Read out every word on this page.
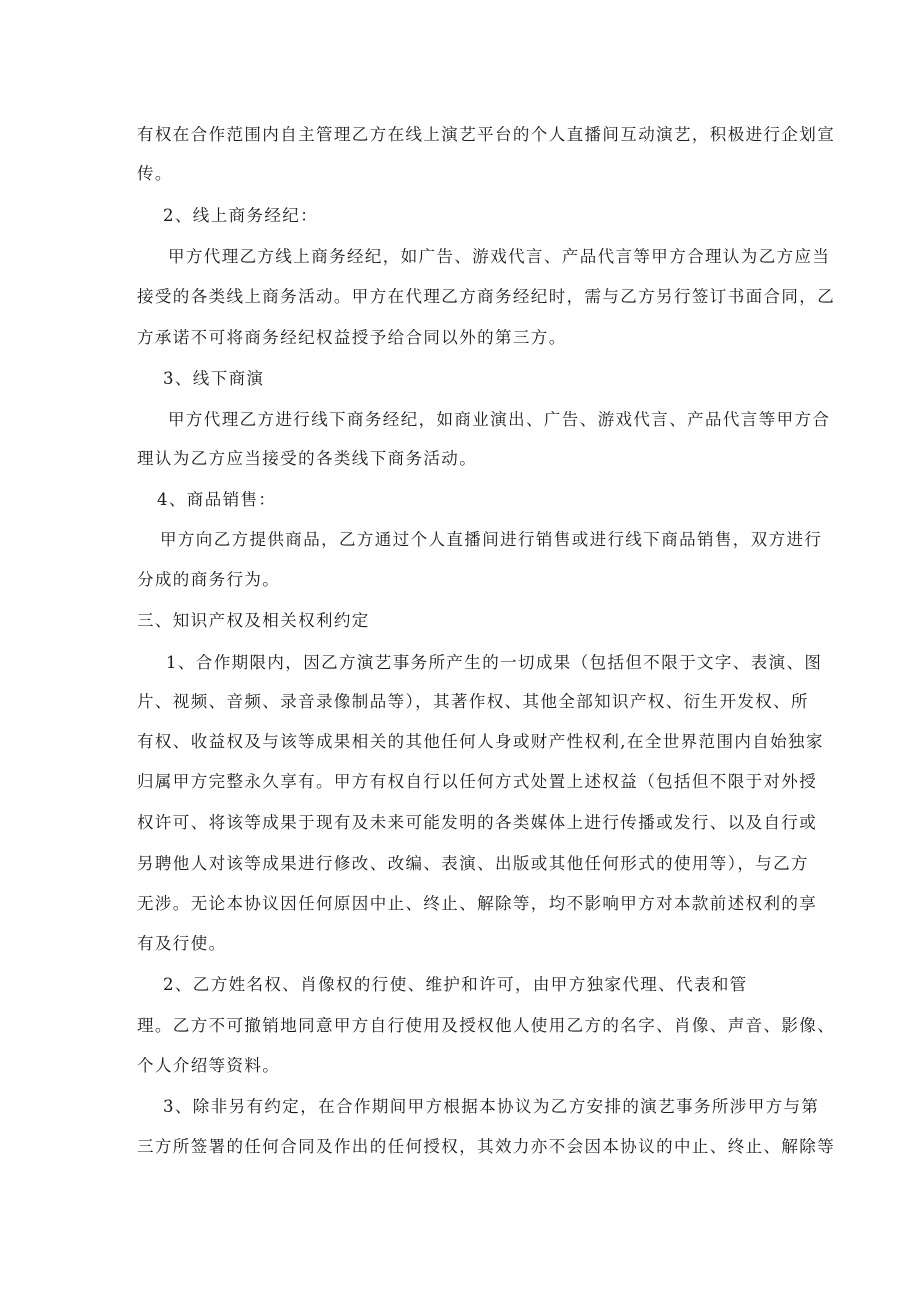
有权在合作范围内自主管理乙方在线上演艺平台的个人直播间互动演艺，积极进行企划宣
传。
2、线上商务经纪：
甲方代理乙方线上商务经纪，如广告、游戏代言、产品代言等甲方合理认为乙方应当
接受的各类线上商务活动。甲方在代理乙方商务经纪时，需与乙方另行签订书面合同，乙
方承诺不可将商务经纪权益授予给合同以外的第三方。
3、线下商演
甲方代理乙方进行线下商务经纪，如商业演出、广告、游戏代言、产品代言等甲方合
理认为乙方应当接受的各类线下商务活动。
4、商品销售：
甲方向乙方提供商品，乙方通过个人直播间进行销售或进行线下商品销售，双方进行
分成的商务行为。
三、知识产权及相关权利约定
1、合作期限内，因乙方演艺事务所产生的一切成果（包括但不限于文字、表演、图
片、视频、音频、录音录像制品等），其著作权、其他全部知识产权、衍生开发权、所
有权、收益权及与该等成果相关的其他任何人身或财产性权利,在全世界范围内自始独家
归属甲方完整永久享有。甲方有权自行以任何方式处置上述权益（包括但不限于对外授
权许可、将该等成果于现有及未来可能发明的各类媒体上进行传播或发行、以及自行或
另聘他人对该等成果进行修改、改编、表演、出版或其他任何形式的使用等），与乙方
无涉。无论本协议因任何原因中止、终止、解除等，均不影响甲方对本款前述权利的享
有及行使。
2、乙方姓名权、肖像权的行使、维护和许可，由甲方独家代理、代表和管
理。乙方不可撤销地同意甲方自行使用及授权他人使用乙方的名字、肖像、声音、影像、
个人介绍等资料。
3、除非另有约定，在合作期间甲方根据本协议为乙方安排的演艺事务所涉甲方与第
三方所签署的任何合同及作出的任何授权，其效力亦不会因本协议的中止、终止、解除等
